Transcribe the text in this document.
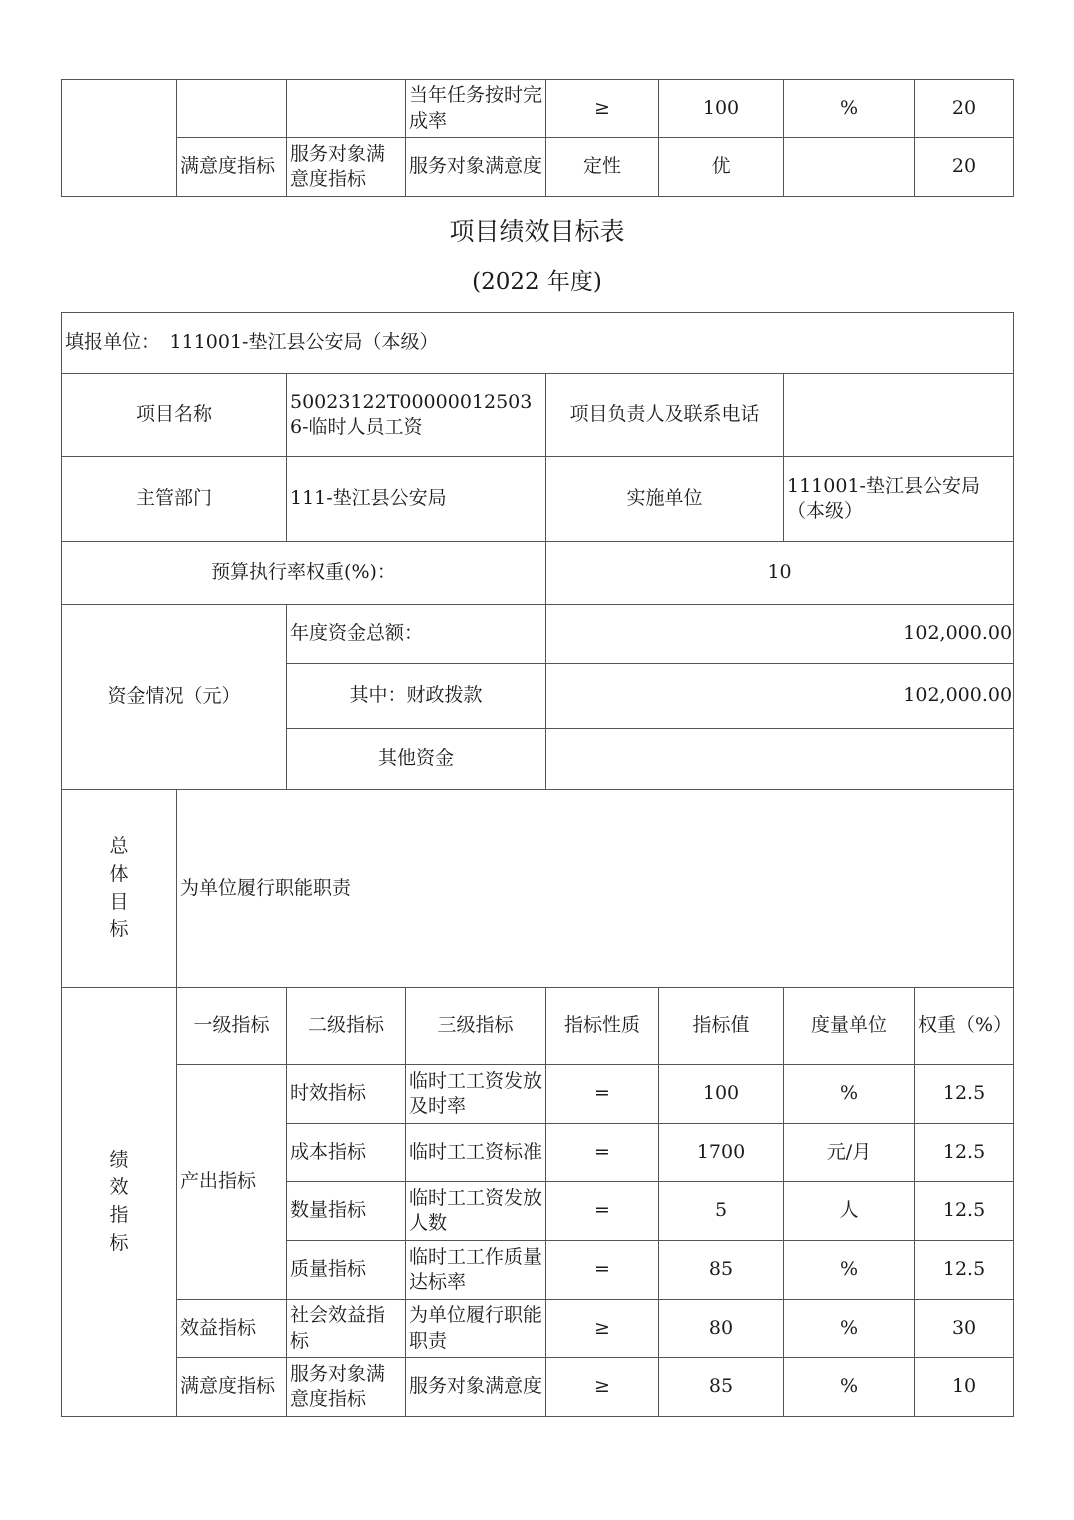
			当年任务按时完成率	≥	100	%	20
	满意度指标	服务对象满意度指标	服务对象满意度	定性	优		20
项目绩效目标表
(2022 年度)
填报单位：　111001-垫江县公安局（本级）							
项目名称		50023122T000000125036-临时人员工资		项目负责人及联系电话			
主管部门		111-垫江县公安局		实施单位		111001-垫江县公安局（本级）	
预算执行率权重(%)：				10			
资金情况（元）		年度资金总额：		102,000.00			
		其中：财政拨款		102,000.00			
		其他资金					
总体目标	为单位履行职能职责						
绩效指标	一级指标	二级指标	三级指标	指标性质	指标值	度量单位	权重（%）
	产出指标	时效指标	临时工工资发放及时率	=	100	%	12.5
		成本指标	临时工工资标准	=	1700	元/月	12.5
		数量指标	临时工工资发放人数	=	5	人	12.5
		质量指标	临时工工作质量达标率	=	85	%	12.5
	效益指标	社会效益指标	为单位履行职能职责	≥	80	%	30
	满意度指标	服务对象满意度指标	服务对象满意度	≥	85	%	10
